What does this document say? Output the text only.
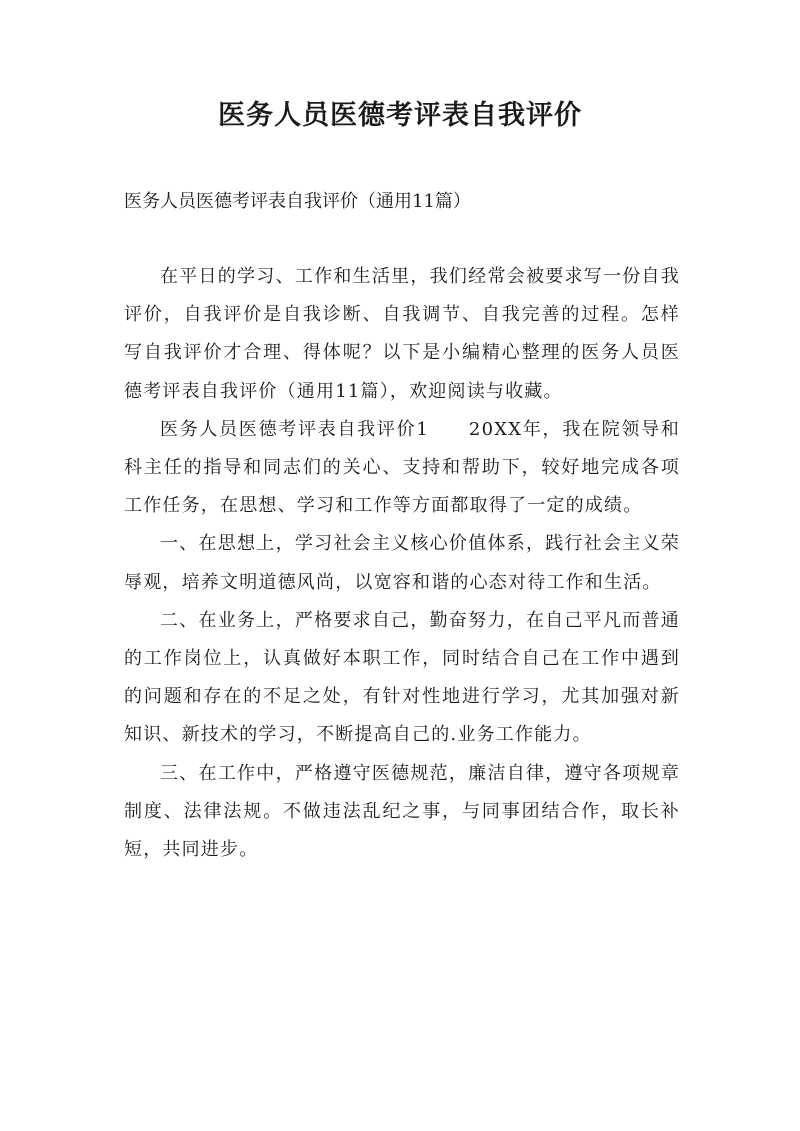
医务人员医德考评表自我评价
医务人员医德考评表自我评价（通用11篇）

在平日的学习、工作和生活里，我们经常会被要求写一份自我评价，自我评价是自我诊断、自我调节、自我完善的过程。怎样写自我评价才合理、得体呢？以下是小编精心整理的医务人员医德考评表自我评价（通用11篇），欢迎阅读与收藏。

医务人员医德考评表自我评价1　　20XX年，我在院领导和科主任的指导和同志们的关心、支持和帮助下，较好地完成各项工作任务，在思想、学习和工作等方面都取得了一定的成绩。

一、在思想上，学习社会主义核心价值体系，践行社会主义荣辱观，培养文明道德风尚，以宽容和谐的心态对待工作和生活。

二、在业务上，严格要求自己，勤奋努力，在自己平凡而普通的工作岗位上，认真做好本职工作，同时结合自己在工作中遇到的问题和存在的不足之处，有针对性地进行学习，尤其加强对新知识、新技术的学习，不断提高自己的.业务工作能力。

三、在工作中，严格遵守医德规范，廉洁自律，遵守各项规章制度、法律法规。不做违法乱纪之事，与同事团结合作，取长补短，共同进步。
